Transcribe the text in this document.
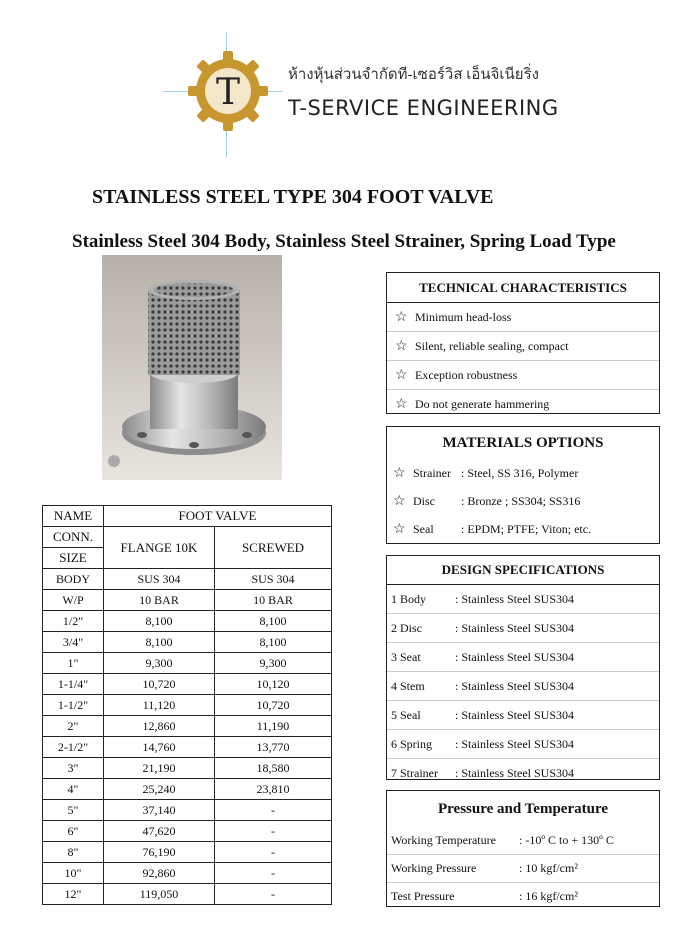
T	ห้างหุ้นส่วนจำกัดที-เซอร์วิส เอ็นจิเนียริ่ง
T-SERVICE ENGINEERING
STAINLESS STEEL TYPE 304 FOOT VALVE
Stainless Steel 304 Body, Stainless Steel Strainer, Spring Load Type
TECHNICAL CHARACTERISTICS
☆ Minimum head-loss
☆ Silent, reliable sealing, compact
☆ Exception robustness
☆ Do not generate hammering
MATERIALS OPTIONS
☆ Strainer : Steel, SS 316, Polymer
☆ Disc : Bronze ; SS304; SS316
☆ Seal : EPDM; PTFE; Viton; etc.
DESIGN SPECIFICATIONS
1 Body : Stainless Steel SUS304
2 Disc	: Stainless Steel SUS304
3 Seat	: Stainless Steel SUS304
4 Stem	: Stainless Steel SUS304
5 Seal	: Stainless Steel SUS304
6 Spring : Stainless Steel SUS304
7 Strainer : Stainless Steel SUS304
Pressure and Temperature
Working Temperature : -10º C to + 130º C
Working Pressure	: 10 kgf/cm²
Test Pressure	: 16 kgf/cm²
NAME	FOOT VALVE	
CONN.	FLANGE 10K	SCREWED
SIZE		
BODY	SUS 304	SUS 304
W/P	10 BAR	10 BAR
1/2"	8,100	8,100
3/4"	8,100	8,100
1"	9,300	9,300
1-1/4"	10,720	10,120
1-1/2"	11,120	10,720
2"	12,860	11,190
2-1/2"	14,760	13,770
3"	21,190	18,580
4"	25,240	23,810
5"	37,140	-
6"	47,620	-
8"	76,190	-
10"	92,860	-
12"	119,050	-
